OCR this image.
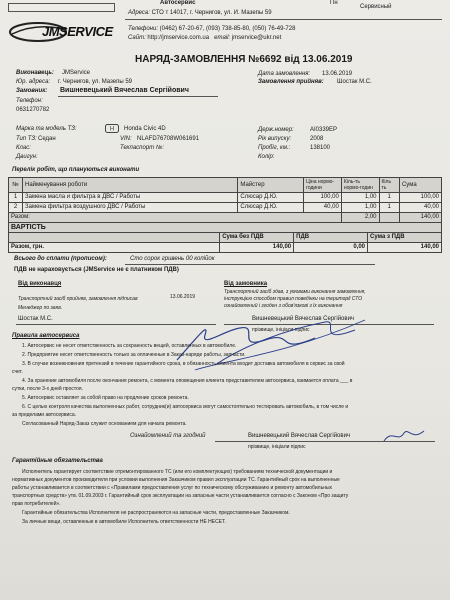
Автосервис	Пн
Сервисный
JMSERVICE
Адреса: СТО т 14017, г. Чернигов, ул. И. Мазепы 59
Телефони: (0462) 67-20-67, (093) 738-85-80, (050) 76-49-728
Сайт: http://jmservice.com.ua email: jmservice@ukr.net
НАРЯД-ЗАМОВЛЕННЯ №6692 від 13.06.2019
Виконавець: JMService
Юр. адреса: г. Чернигов, ул. Мазепы 59
Замовник: Вишневецький Вячеслав Сергійович
Телефон:
0631270782
Дата замовлення: 13.06.2019
Замовлення прийняв: Шостак М.С.
Марка та модель ТЗ:	H Honda Civic 4D
Тип ТЗ: Седан
Клас:
Двигун:
VIN: NLAFD76708W061691
Техпаспорт №:
Держ.номер:	АІ0339ЕР
Рік випуску:	2008
Пробіг, км.:	138100
Колір:
Перелік робіт, що плануються виконати
№	Найменування роботи	Майстер	Ціна нормо-години	Кіль-ть нормо-годин	Кіль ть	Сума
1	Замена масла и фильтра в ДВС / Работы	Слюсар Д.Ю.	100,00	1,00	1	100,00
2	Замена фильтра воздушного ДВС / Работы	Слюсар Д.Ю.	40,00	1,00	1	40,00
Разом:				2,00		140,00
ВАРТІСТЬ			
	Сума без ПДВ	ПДВ	Сума з ПДВ
Разом, грн.	140,00	0,00	140,00
Всього до сплати (прописом):	Сто сорок гривень 00 копійок
ПДВ не нараховується (JMService не є платником ПДВ)
Від виконавця
Транспортний засіб прийняв, замовлення підписав	13.06.2019
Менеджер по заяв.
Шостак М.С.
Від замовника
Транспортний засіб здав, з умовами виконання замовлення,
інструкцією способом правил поведінки на території СТО
ознайомлений і згоден з обов'язкові з їх виконання
Вишневецький Вячеслав Сергійович
прізвище, ініціали підпис
Правила автосервиса
1. Автосервис не несет ответственность за сохранность вещей, оставленных в автомобиле.
2. Предприятие несет ответственность только за оплаченные в Заказ-наряде работы, запчасти.
3. В случае возникновения претензий в течение гарантийного срока, в обязанность клиента входит доставка автомобиля в сервис за свой
счет.
4. За хранение автомобиля после окончания ремонта, с момента оповещения клиента представителем автосервиса, взимается оплата ___ в
сутки, после 3-х дней простоя.
5. Автосервис оставляет за собой право на продление сроков ремонта.
6. С целью контроля качества выполненных работ, сотрудник(и) автосервиса могут самостоятельно тестировать автомобиль, в том числе и
за пределами автосервиса.
Согласованный Наряд-Заказ служит основанием для начала ремонта.
Ознайомлений та згодний	Вишневецький Вячеслав Сергійович
прізвище, ініціали підпис
Гарантійные обязательства
Исполнитель гарантирует соответствие отремонтированного ТС (или его комплектующих) требованиям технической документации и
нормативных документов производителя при условии выполнения Заказчиком правил эксплуатации ТС. Гарантийный срок на выполненные
работы устанавливается в соответствии с «Правилами предоставления услуг по техническому обслуживанию и ремонту автомобильных
транспортных средств» утв. 01.09.2003 г. Гарантийный срок эксплуатации на запасные части устанавливается согласно с Законом «Про защиту
прав потребителей».
Гарантийные обязательства Исполнителя не распространяются на запасные части, предоставленные Заказчиком.
За личные вещи, оставленные в автомобиле Исполнитель ответственности НЕ НЕСЕТ.
